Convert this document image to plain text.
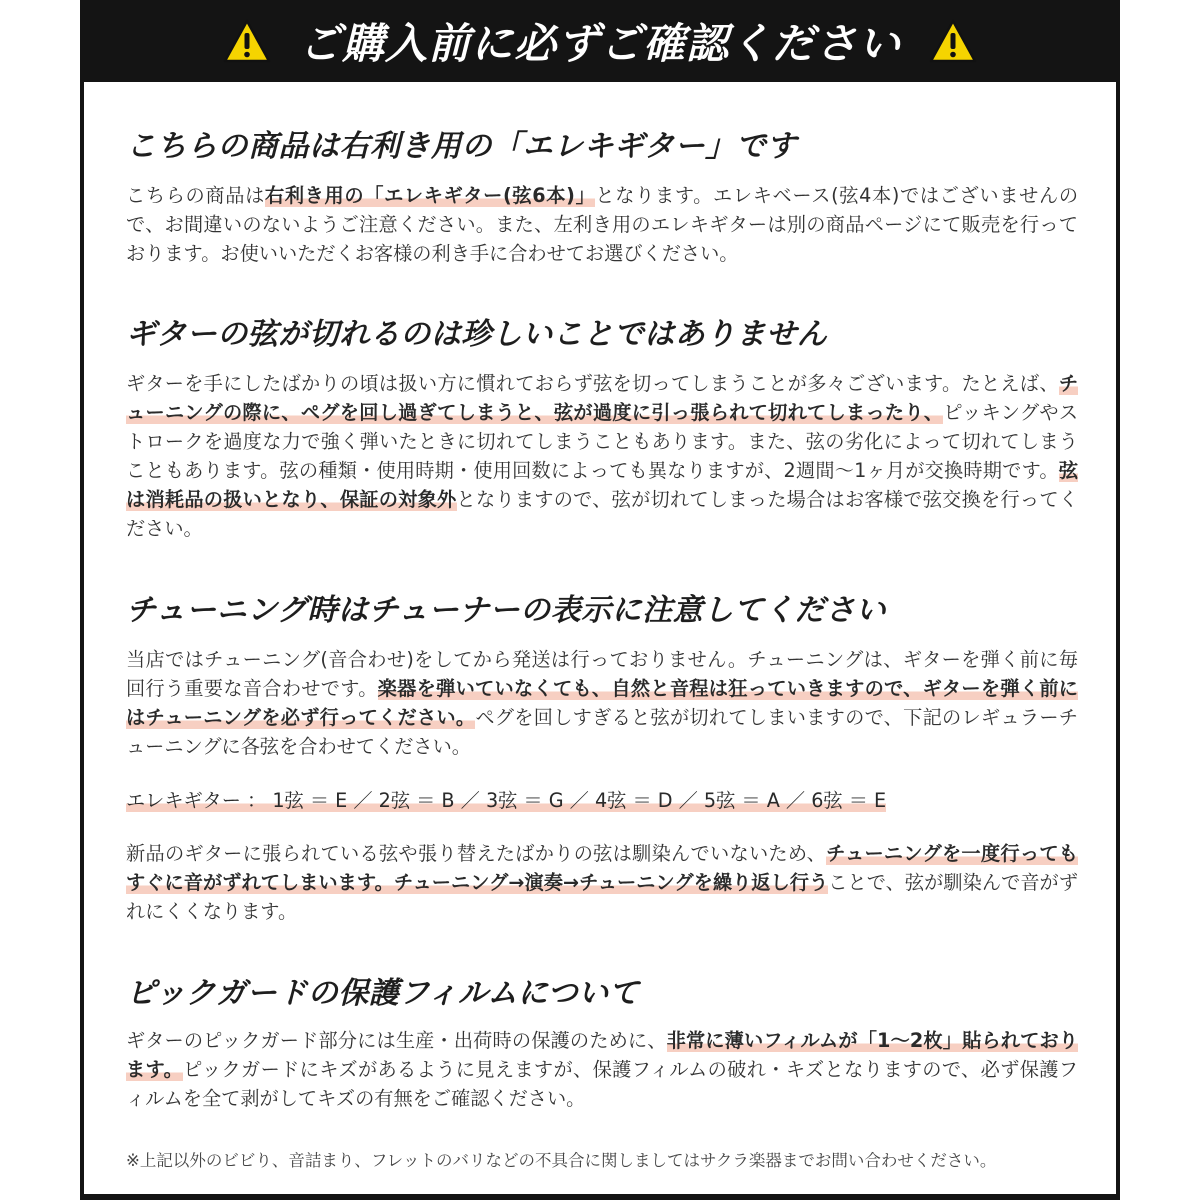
ご購入前に必ずご確認ください
こちらの商品は右利き用の「エレキギター」です

こちらの商品は右利き用の「エレキギター(弦6本)」となります。エレキベース(弦4本)ではございませんので、お間違いのないようご注意ください。また、左利き用のエレキギターは別の商品ページにて販売を行っております。お使いいただくお客様の利き手に合わせてお選びください。

ギターの弦が切れるのは珍しいことではありません

ギターを手にしたばかりの頃は扱い方に慣れておらず弦を切ってしまうことが多々ございます。たとえば、チューニングの際に、ペグを回し過ぎてしまうと、弦が過度に引っ張られて切れてしまったり、ピッキングやストロークを過度な力で強く弾いたときに切れてしまうこともあります。また、弦の劣化によって切れてしまうこともあります。弦の種類・使用時期・使用回数によっても異なりますが、2週間〜1ヶ月が交換時期です。弦は消耗品の扱いとなり、保証の対象外となりますので、弦が切れてしまった場合はお客様で弦交換を行ってください。

チューニング時はチューナーの表示に注意してください

当店ではチューニング(音合わせ)をしてから発送は行っておりません。チューニングは、ギターを弾く前に毎回行う重要な音合わせです。楽器を弾いていなくても、自然と音程は狂っていきますので、ギターを弾く前にはチューニングを必ず行ってください。ペグを回しすぎると弦が切れてしまいますので、下記のレギュラーチューニングに各弦を合わせてください。

エレキギター ： 1弦 ＝ E ／ 2弦 ＝ B ／ 3弦 ＝ G ／ 4弦 ＝ D ／ 5弦 ＝ A ／ 6弦 ＝ E

新品のギターに張られている弦や張り替えたばかりの弦は馴染んでいないため、チューニングを一度行ってもすぐに音がずれてしまいます。チューニング→演奏→チューニングを繰り返し行うことで、弦が馴染んで音がずれにくくなります。

ピックガードの保護フィルムについて

ギターのピックガード部分には生産・出荷時の保護のために、非常に薄いフィルムが「1〜2枚」貼られております。ピックガードにキズがあるように見えますが、保護フィルムの破れ・キズとなりますので、必ず保護フィルムを全て剥がしてキズの有無をご確認ください。

※上記以外のビビり、音詰まり、フレットのバリなどの不具合に関しましてはサクラ楽器までお問い合わせください。
